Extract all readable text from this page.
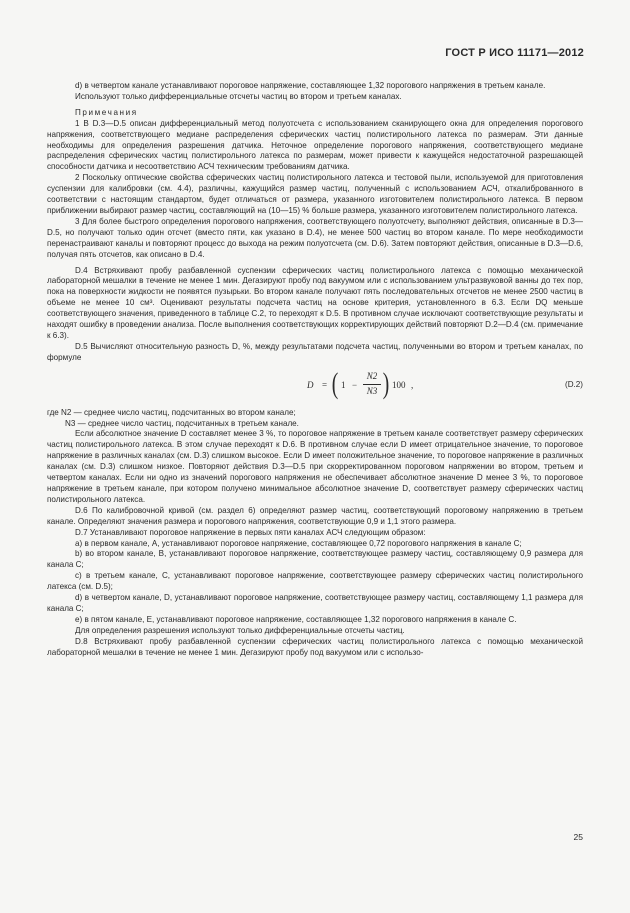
ГОСТ Р ИСО 11171—2012

d) в четвертом канале устанавливают пороговое напряжение, составляющее 1,32 порогового напряжения в третьем канале.

Используют только дифференциальные отсчеты частиц во втором и третьем каналах.

Примечания

1 В D.3—D.5 описан дифференциальный метод полуотсчета с использованием сканирующего окна для определения порогового напряжения, соответствующего медиане распределения сферических частиц полистирольного латекса по размерам. Эти данные необходимы для определения разрешения датчика. Неточное определение порогового напряжения, соответствующего медиане распределения сферических частиц полистирольного латекса по размерам, может привести к кажущейся недостаточной разрешающей способности датчика и несоответствию АСЧ техническим требованиям датчика.

2 Поскольку оптические свойства сферических частиц полистирольного латекса и тестовой пыли, используемой для приготовления суспензии для калибровки (см. 4.4), различны, кажущийся размер частиц, полученный с использованием АСЧ, откалиброванного в соответствии с настоящим стандартом, будет отличаться от размера, указанного изготовителем полистирольного латекса. В первом приближении выбирают размер частиц, составляющий на (10—15) % больше размера, указанного изготовителем полистирольного латекса.

3 Для более быстрого определения порогового напряжения, соответствующего полуотсчету, выполняют действия, описанные в D.3—D.5, но получают только один отсчет (вместо пяти, как указано в D.4), не менее 500 частиц во втором канале. По мере необходимости перенастраивают каналы и повторяют процесс до выхода на режим полуотсчета (см. D.6). Затем повторяют действия, описанные в D.3—D.6, получая пять отсчетов, как описано в D.4.

D.4 Встряхивают пробу разбавленной суспензии сферических частиц полистирольного латекса с помощью механической лабораторной мешалки в течение не менее 1 мин. Дегазируют пробу под вакуумом или с использованием ультразвуковой ванны до тех пор, пока на поверхности жидкости не появятся пузырьки. Во втором канале получают пять последовательных отсчетов не менее 2500 частиц в объеме не менее 10 см³. Оценивают результаты подсчета частиц на основе критерия, установленного в 6.3. Если DQ меньше соответствующего значения, приведенного в таблице С.2, то переходят к D.5. В противном случае исключают соответствующие результаты и находят ошибку в проведении анализа. После выполнения соответствующих корректирующих действий повторяют D.2—D.4 (см. примечание к 6.3).

D.5 Вычисляют относительную разность D, %, между результатами подсчета частиц, полученными во втором и третьем каналах, по формуле

D = ( $1 - \frac{N2}{N3}$ ) 100 ,	(D.2)

где N2 — среднее число частиц, подсчитанных во втором канале;

N3 — среднее число частиц, подсчитанных в третьем канале.

Если абсолютное значение D составляет менее 3 %, то пороговое напряжение в третьем канале соответствует размеру сферических частиц полистирольного латекса. В этом случае переходят к D.6. В противном случае если D имеет отрицательное значение, то пороговое напряжение в различных каналах (см. D.3) слишком высокое. Если D имеет положительное значение, то пороговое напряжение в различных каналах (см. D.3) слишком низкое. Повторяют действия D.3—D.5 при скорректированном пороговом напряжении во втором, третьем и четвертом каналах. Если ни одно из значений порогового напряжения не обеспечивает абсолютное значение D менее 3 %, то пороговое напряжение в третьем канале, при котором получено минимальное абсолютное значение D, соответствует размеру сферических частиц полистирольного латекса.

D.6 По калибровочной кривой (см. раздел 6) определяют размер частиц, соответствующий пороговому напряжению в третьем канале. Определяют значения размера и порогового напряжения, соответствующие 0,9 и 1,1 этого размера.

D.7 Устанавливают пороговое напряжение в первых пяти каналах АСЧ следующим образом:

a) в первом канале, А, устанавливают пороговое напряжение, составляющее 0,72 порогового напряжения в канале С;

b) во втором канале, В, устанавливают пороговое напряжение, соответствующее размеру частиц, составляющему 0,9 размера для канала С;

c) в третьем канале, С, устанавливают пороговое напряжение, соответствующее размеру сферических частиц полистирольного латекса (см. D.5);

d) в четвертом канале, D, устанавливают пороговое напряжение, соответствующее размеру частиц, составляющему 1,1 размера для канала С;

e) в пятом канале, Е, устанавливают пороговое напряжение, составляющее 1,32 порогового напряжения в канале С.

Для определения разрешения используют только дифференциальные отсчеты частиц.

D.8 Встряхивают пробу разбавленной суспензии сферических частиц полистирольного латекса с помощью механической лабораторной мешалки в течение не менее 1 мин. Дегазируют пробу под вакуумом или с использо-

25
